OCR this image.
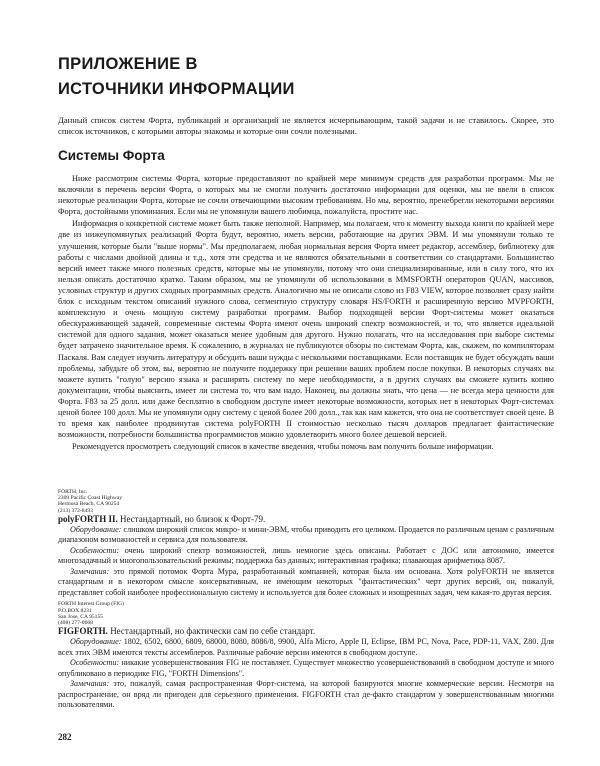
ПРИЛОЖЕНИЕ В
ИСТОЧНИКИ ИНФОРМАЦИИ
Данный список систем Форта, публикаций и организаций не является исчерпывающим, такой задачи и не ставилось. Скорее, это список источников, с которыми авторы знакомы и которые они сочли полезными.
Системы Форта

Ниже рассмотрим системы Форта, которые предоставляют по крайней мере минимум средств для разработки программ. Мы не включили в перечень версии Форта, о которых мы не смогли получить достаточно информации для оценки, мы не ввели в список некоторые реализации Форта, которые не сочли отвечающими высоким требованиям. Но мы, вероятно, пренебрегли некоторыми версиями Форта, достойными упоминания. Если мы не упомянули вашего любимца, пожалуйста, простите нас.

Информация о конкретной системе может быть также неполной. Например, мы полагаем, что к моменту выхода книги по крайней мере две из нижеупомянутых реализаций Форта будут, вероятно, иметь версии, работающие на других ЭВМ. И мы упомянули только те улучшения, которые были "выше нормы". Мы предполагаем, любая нормальная версия Форта имеет редактор, ассемблер, библиотеку для работы с числами двойной длины и т.д., хотя эти средства и не являются обязательными в соответствии со стандартами. Большинство версий имеет также много полезных средств, которые мы не упомянули, потому что они специализированные, или в силу того, что их нельзя описать достаточно кратко. Таким образом, мы не упомянули об использовании в MMSFORTH операторов QUAN, массивов, условных структур и других сходных программных средств. Аналогично мы не описали слово из F83 VIEW, которое позволяет сразу найти блок с исходным текстом описаний нужного слова, сегментную структуру словаря HS/FORTH и расширенную версию MVPFORTH, комплексную и очень мощную систему разработки программ. Выбор подходящей версии Форт-системы может оказаться обескураживающей задачей, современные системы Форта имеют очень широкий спектр возможностей, и то, что является идеальной системой для одного задания, может оказаться менее удобным для другого. Нужно полагать, что на исследования при выборе системы будет затрачено значительное время. К сожалению, в журналах не публикуются обзоры по системам Форта, как, скажем, по компиляторам Паскаля. Вам следует изучить литературу и обсудить ваши нужды с несколькими поставщиками. Если поставщик не будет обсуждать ваши проблемы, забудьте об этом, вы, вероятно не получите поддержку при решении ваших проблем после покупки. В некоторых случаях вы можете купить "голую" версию языка и расширять систему по мере необходимости, а в других случаях вы сможете купить копию документации, чтобы выяснить, имеет ли система то, что вам надо. Наконец, вы должны знать, что цена — не всегда мера ценности для Форта. F83 за 25 долл. или даже бесплатно в свободном доступе имеет некоторые возможности, которых нет в некоторых Форт-системах ценой более 100 долл. Мы не упомянули одну систему с ценой более 200 долл., так как нам кажется, что она не соответствует своей цене. В то время как наиболее продвинутая система polyFORTH II стоимостью несколько тысяч долларов предлагает фантастические возможности, потребности большинства программистов можно удовлетворить много более дешевой версией.

Рекомендуется просмотреть следующий список в качестве введения, чтобы помочь вам получить больше информации.

FORTH, Inc.
2309 Pacific Coast Highway
Hermosa Beach, CA 90254
(213) 372-8493
polyFORTH II. Нестандартный, но близок к Форт-79.

Оборудование: слишком широкий список микро- и мини-ЭВМ, чтобы приводить его целиком. Продается по различным ценам с различным диапазоном возможностей и сервиса для пользователя.

Особенности: очень широкий спектр возможностей, лишь немногие здесь описаны. Работает с ДОС или автономно, имеется многозадачный и многопользовательский режимы; поддержка баз данных; интерактивная графика; плавающая арифметика 8087.

Замечания: это прямой потомок Форта Мура, разработанный компанией, которая была им основана. Хотя polyFORTH не является стандартным и в некотором смысле консервативным, не имеющим некоторых "фантастических" черт других версий, он, пожалуй, представляет собой наиболее профессиональную систему и используется для более сложных и изощренных задач, чем какая-то другая версия.

FORTH Interest Group (FIG)
P.O.BOX 8231
San Jose, CA 95155
(408) 277-0668
FIGFORTH. Нестандартный, но фактически сам по себе стандарт.

Оборудование: 1802, 6502, 6800, 6809, 68000, 8080, 8086/8, 9900, Alfa Micro, Apple II, Eclipse, IBM PC, Nova, Pace, PDP-11, VAX, Z80. Для всех этих ЭВМ имеются тексты ассемблеров. Различные рабочие версии имеются в свободном доступе.

Особенности: никакие усовершенствования FIG не поставляет. Существует множество усовершенствований в свободном доступе и много опубликовано в периодике FIG, "FORTH Dimensions".

Замечания: это, пожалуй, самая распространенная Форт-система, на которой базируются многие коммерческие версии. Несмотря на распространение, он вряд ли пригоден для серьезного применения. FIGFORTH стал де-факто стандартом у зовершенствованным многими пользователями.

282
